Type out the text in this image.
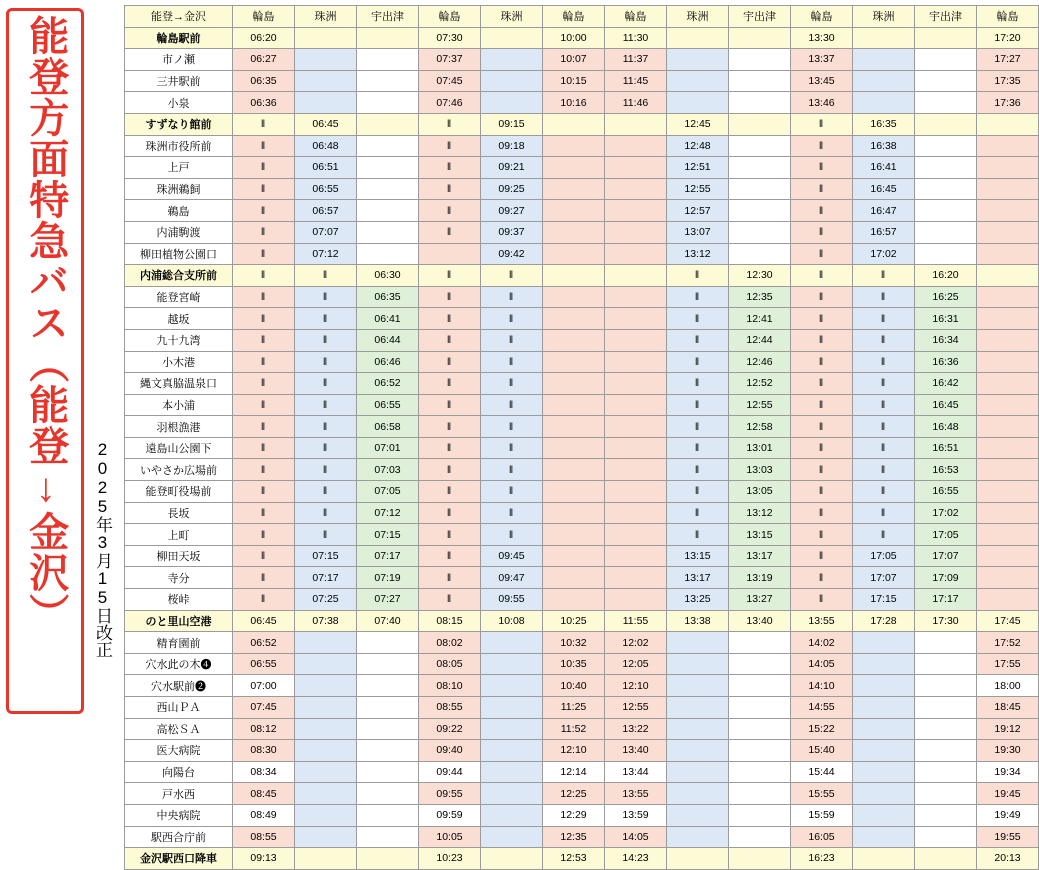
能登方面特急バス（能登↓金沢） 2025年3月15日改正
能登→金沢	輪島	珠洲	宇出津	輪島	珠洲	輪島	輪島	珠洲	宇出津	輪島	珠洲	宇出津	輪島
輪島駅前	06:20			07:30		10:00	11:30			13:30			17:20
市ノ瀬	06:27			07:37		10:07	11:37			13:37			17:27
三井駅前	06:35			07:45		10:15	11:45			13:45			17:35
小泉	06:36			07:46		10:16	11:46			13:46			17:36
すずなり館前	‖	06:45		‖	09:15			12:45		‖	16:35		
珠洲市役所前	‖	06:48		‖	09:18			12:48		‖	16:38		
上戸	‖	06:51		‖	09:21			12:51		‖	16:41		
珠洲鵜飼	‖	06:55		‖	09:25			12:55		‖	16:45		
鵜島	‖	06:57		‖	09:27			12:57		‖	16:47		
内浦駒渡	‖	07:07		‖	09:37			13:07		‖	16:57		
柳田植物公園口	‖	07:12			09:42			13:12		‖	17:02		
内浦総合支所前	‖	‖	06:30	‖	‖			‖	12:30	‖	‖	16:20	
能登宮崎	‖	‖	06:35	‖	‖			‖	12:35	‖	‖	16:25	
越坂	‖	‖	06:41	‖	‖			‖	12:41	‖	‖	16:31	
九十九湾	‖	‖	06:44	‖	‖			‖	12:44	‖	‖	16:34	
小木港	‖	‖	06:46	‖	‖			‖	12:46	‖	‖	16:36	
縄文真脇温泉口	‖	‖	06:52	‖	‖			‖	12:52	‖	‖	16:42	
本小浦	‖	‖	06:55	‖	‖			‖	12:55	‖	‖	16:45	
羽根漁港	‖	‖	06:58	‖	‖			‖	12:58	‖	‖	16:48	
遠島山公園下	‖	‖	07:01	‖	‖			‖	13:01	‖	‖	16:51	
いやさか広場前	‖	‖	07:03	‖	‖			‖	13:03	‖	‖	16:53	
能登町役場前	‖	‖	07:05	‖	‖			‖	13:05	‖	‖	16:55	
長坂	‖	‖	07:12	‖	‖			‖	13:12	‖	‖	17:02	
上町	‖	‖	07:15	‖	‖			‖	13:15	‖	‖	17:05	
柳田天坂	‖	07:15	07:17	‖	09:45			13:15	13:17	‖	17:05	17:07	
寺分	‖	07:17	07:19	‖	09:47			13:17	13:19	‖	17:07	17:09	
桜峠	‖	07:25	07:27	‖	09:55			13:25	13:27	‖	17:15	17:17	
のと里山空港	06:45	07:38	07:40	08:15	10:08	10:25	11:55	13:38	13:40	13:55	17:28	17:30	17:45
精育園前	06:52			08:02		10:32	12:02			14:02			17:52
穴水此の木❹	06:55			08:05		10:35	12:05			14:05			17:55
穴水駅前❷	07:00			08:10		10:40	12:10			14:10			18:00
西山ＰＡ	07:45			08:55		11:25	12:55			14:55			18:45
高松ＳＡ	08:12			09:22		11:52	13:22			15:22			19:12
医大病院	08:30			09:40		12:10	13:40			15:40			19:30
向陽台	08:34			09:44		12:14	13:44			15:44			19:34
戸水西	08:45			09:55		12:25	13:55			15:55			19:45
中央病院	08:49			09:59		12:29	13:59			15:59			19:49
駅西合庁前	08:55			10:05		12:35	14:05			16:05			19:55
金沢駅西口降車	09:13			10:23		12:53	14:23			16:23			20:13
